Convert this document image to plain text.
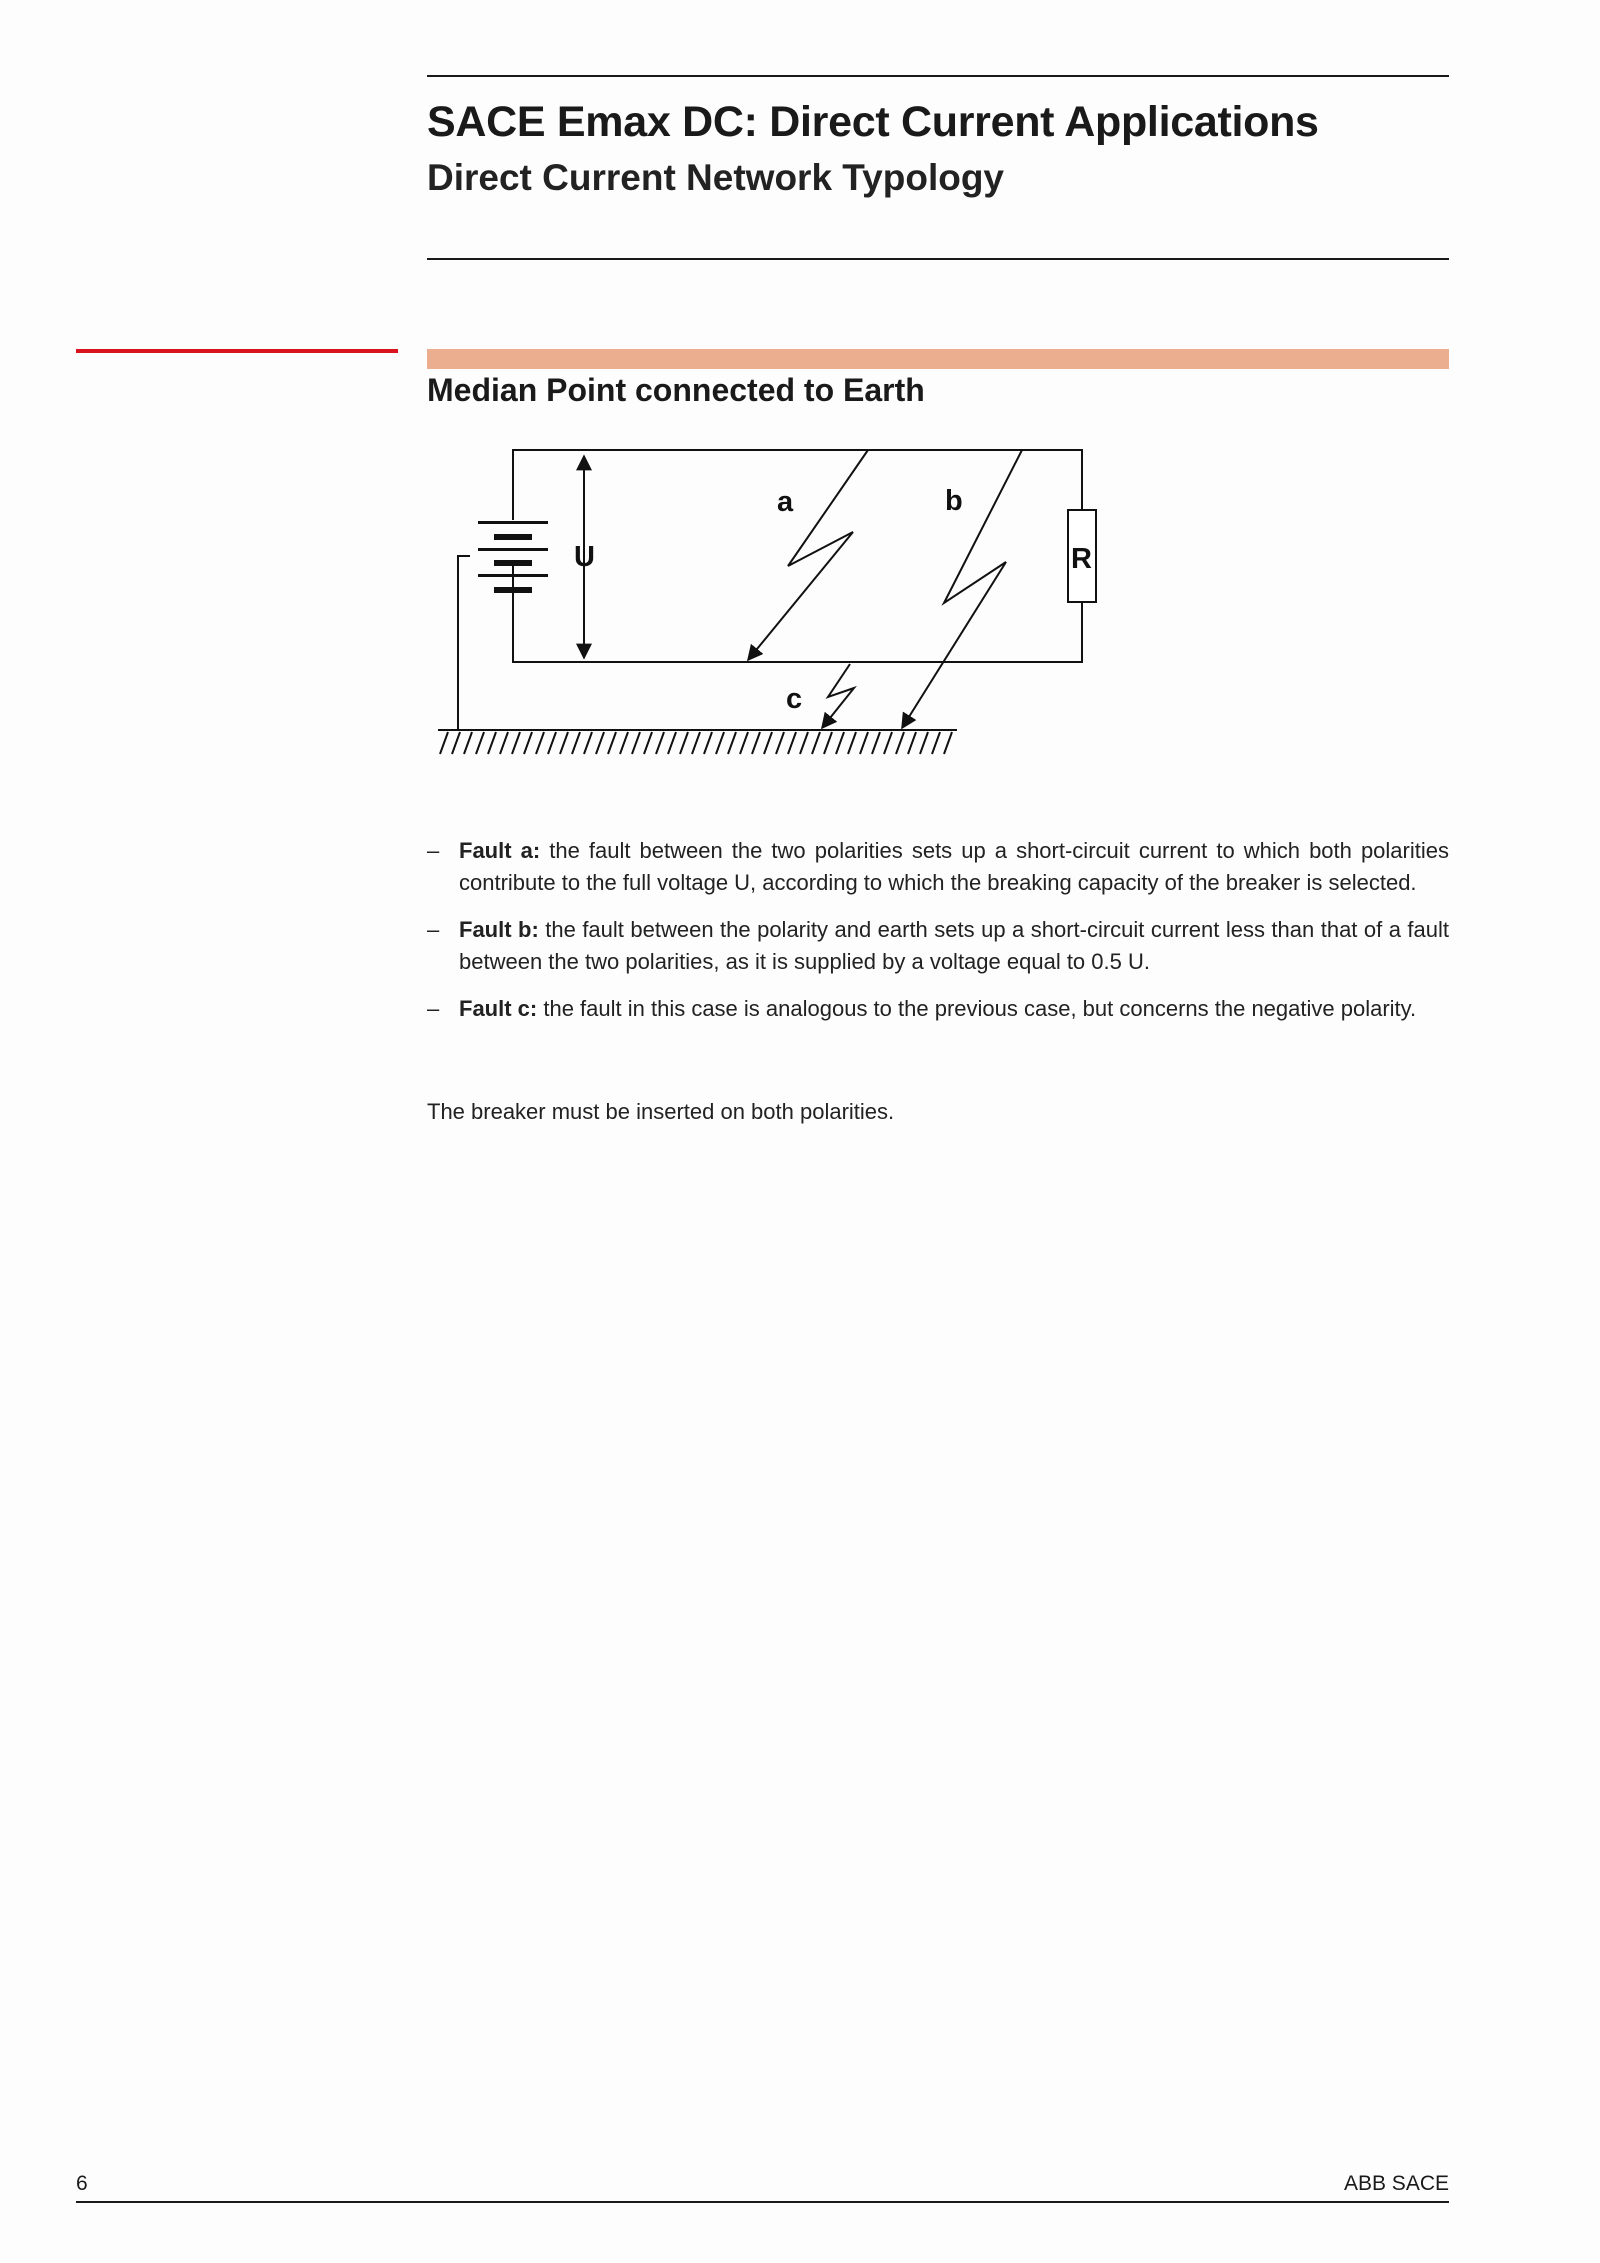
SACE Emax DC: Direct Current Applications
Direct Current Network Typology
Median Point connected to Earth
a	b
c
U	R
– Fault a: the fault between the two polarities sets up a short-circuit current to which both polarities contribute to the full voltage U, according to which the breaking capacity of the breaker is selected.
– Fault b: the fault between the polarity and earth sets up a short-circuit current less than that of a fault between the two polarities, as it is supplied by a voltage equal to 0.5 U.
– Fault c: the fault in this case is analogous to the previous case, but concerns the negative polarity.

The breaker must be inserted on both polarities.

6	ABB SACE
